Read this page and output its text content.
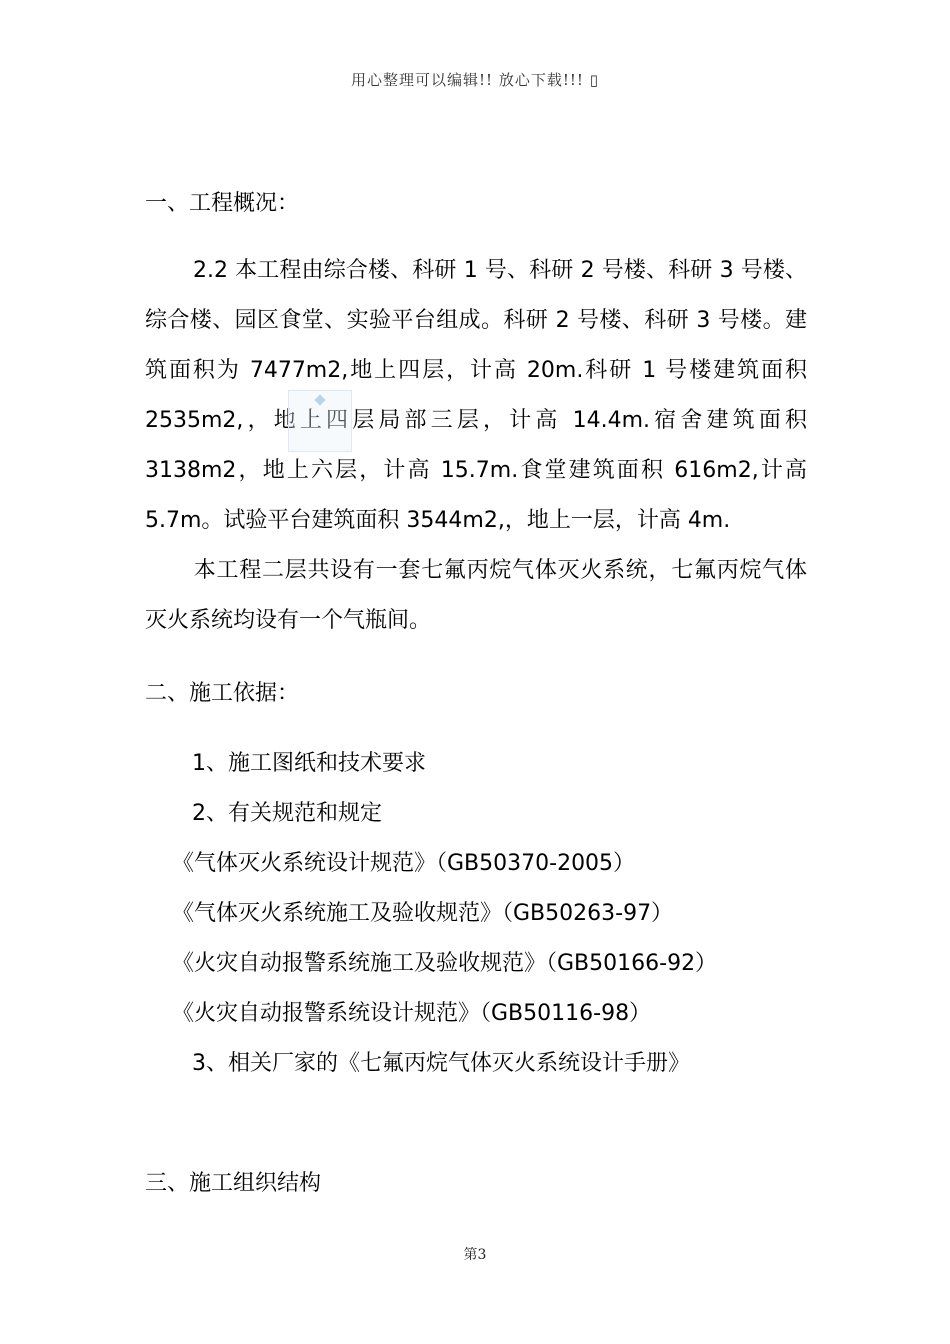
用心整理可以编辑!! 放心下载!!! ▯
一、工程概况：

2.2 本工程由综合楼、科研 1 号、科研 2 号楼、科研 3 号楼、综合楼、园区食堂、实验平台组成。科研 2 号楼、科研 3 号楼。建筑面积为 7477m2,地上四层，计高 20m.科研 1 号楼建筑面积 2535m2,，地上四层局部三层，计高 14.4m.宿舍建筑面积 3138m2，地上六层，计高 15.7m.食堂建筑面积 616m2,计高 5.7m。试验平台建筑面积 3544m2,，地上一层，计高 4m.

本工程二层共设有一套七氟丙烷气体灭火系统，七氟丙烷气体灭火系统均设有一个气瓶间。

二、施工依据：
1、施工图纸和技术要求
2、有关规范和规定
《气体灭火系统设计规范》（GB50370-2005）
《气体灭火系统施工及验收规范》（GB50263-97）
《火灾自动报警系统施工及验收规范》（GB50166-92）
《火灾自动报警系统设计规范》（GB50116-98）
3、相关厂家的《七氟丙烷气体灭火系统设计手册》
三、施工组织结构
第3
